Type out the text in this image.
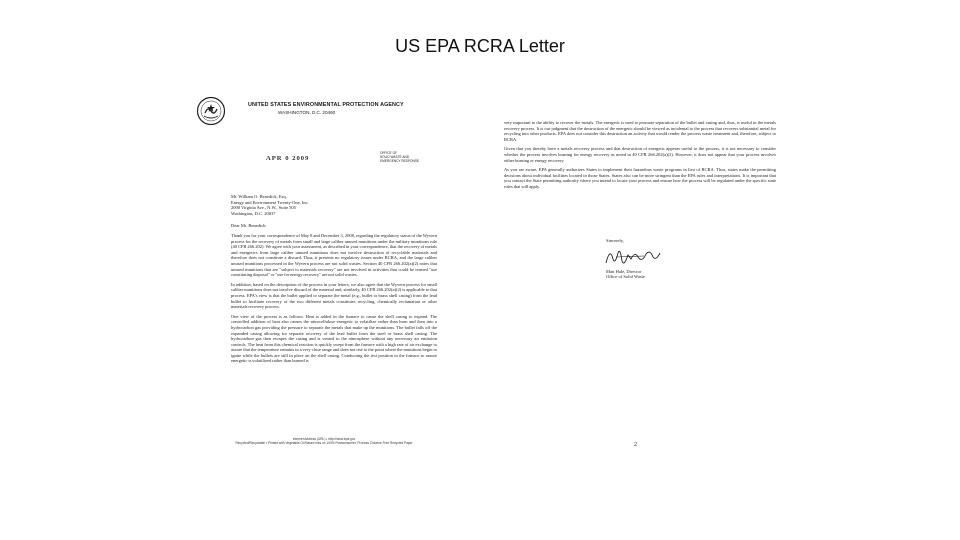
US EPA RCRA Letter
UNITED STATES ENVIRONMENTAL PROTECTION AGENCY
WASHINGTON, D.C. 20460
APR 0 2009
OFFICE OF
SOLID WASTE AND
EMERGENCY RESPONSE
Mr. William O. Benedick, Esq.
Energy and Environment Twenty-One, Inc.
2000 Virginia Ave., N.W., Suite 505
Washington, D.C. 20037
Dear Mr. Benedick:

Thank you for your correspondence of May 8 and December 3, 2008, regarding the regulatory status of the Wyvern process for the recovery of metals from small and large caliber unused munitions under the military munitions rule (40 CFR 266.202). We agree with your assessment, as described in your correspondence, that the recovery of metals and energetics from large caliber unused munitions does not involve destruction of recyclable materials and therefore does not constitute a discard. Thus, it presents no regulatory issues under RCRA, and the large caliber unused munitions processed in the Wyvern process are not solid wastes. Section 40 CFR 266.202(a)(2) notes that unused munitions that are "subject to materials recovery" are not involved in activities that could be termed "use constituting disposal" or "use for energy recovery" are not solid wastes.

In addition, based on the description of the process in your letters, we also agree that the Wyvern process for small caliber munitions does not involve discard of the material and, similarly, 40 CFR 266.202(a)(2) is applicable to that process. EPA's view is that the bullet applied to separate the metal (e.g., bullet or brass shell casing) from the lead bullet to facilitate recovery of the two different metals constitutes recycling, chemically reclamation or other materials recovery process.

One view of the process is as follows. Heat is added in the furnace to cause the shell casing to expand. The controlled addition of heat also causes the nitrocellulose energetic to volatilize rather than burn and then into a hydrocarbon gas providing the pressure to separate the metals that make up the munitions. The bullet falls off the expanded casing allowing for separate recovery of the lead bullet from the steel or brass shell casing. The hydrocarbon gas then escapes the casing and is vented to the atmosphere without any necessary air emission controls. The heat from this chemical reaction is quickly swept from the furnace with a high rate of air exchange to assure that the temperature remains in a very close range and does not rise to the point where the munitions begin to ignite while the bullets are still in place on the shell casing. Conducting the test position in the furnace to assure energetic is volatilized rather than burned is

Internet Address (URL) • http://www.epa.gov
Recycled/Recyclable • Printed with Vegetable Oil Based Inks on 100% Postconsumer, Process Chlorine Free Recycled Paper

very important to the ability to recover the metals. The energetic is used to promote separation of the bullet and casing and, thus, is useful in the metals recovery process. It is our judgment that the destruction of the energetic should be viewed as incidental to the process that recovers substantial metal for recycling into other products. EPA does not consider this destruction an activity that would render the process waste treatment and, therefore, subject to RCRA.

Given that you thereby have a metals recovery process and that destruction of energetic appears useful to the process, it is not necessary to consider whether the process involves burning for energy recovery as noted in 40 CFR 266.202(a)(2). However, it does not appear that your process involves either burning or energy recovery.

As you are aware, EPA generally authorizes States to implement their hazardous waste programs in lieu of RCRA. Thus, states make the permitting decisions about individual facilities located in those States. States also can be more stringent than the EPA rules and interpretations. It is important that you contact the State permitting authority where you intend to locate your process and ensure how the process will be regulated under the specific state rules that will apply.

Sincerely,
Matt Hale, Director
Office of Solid Waste
2
